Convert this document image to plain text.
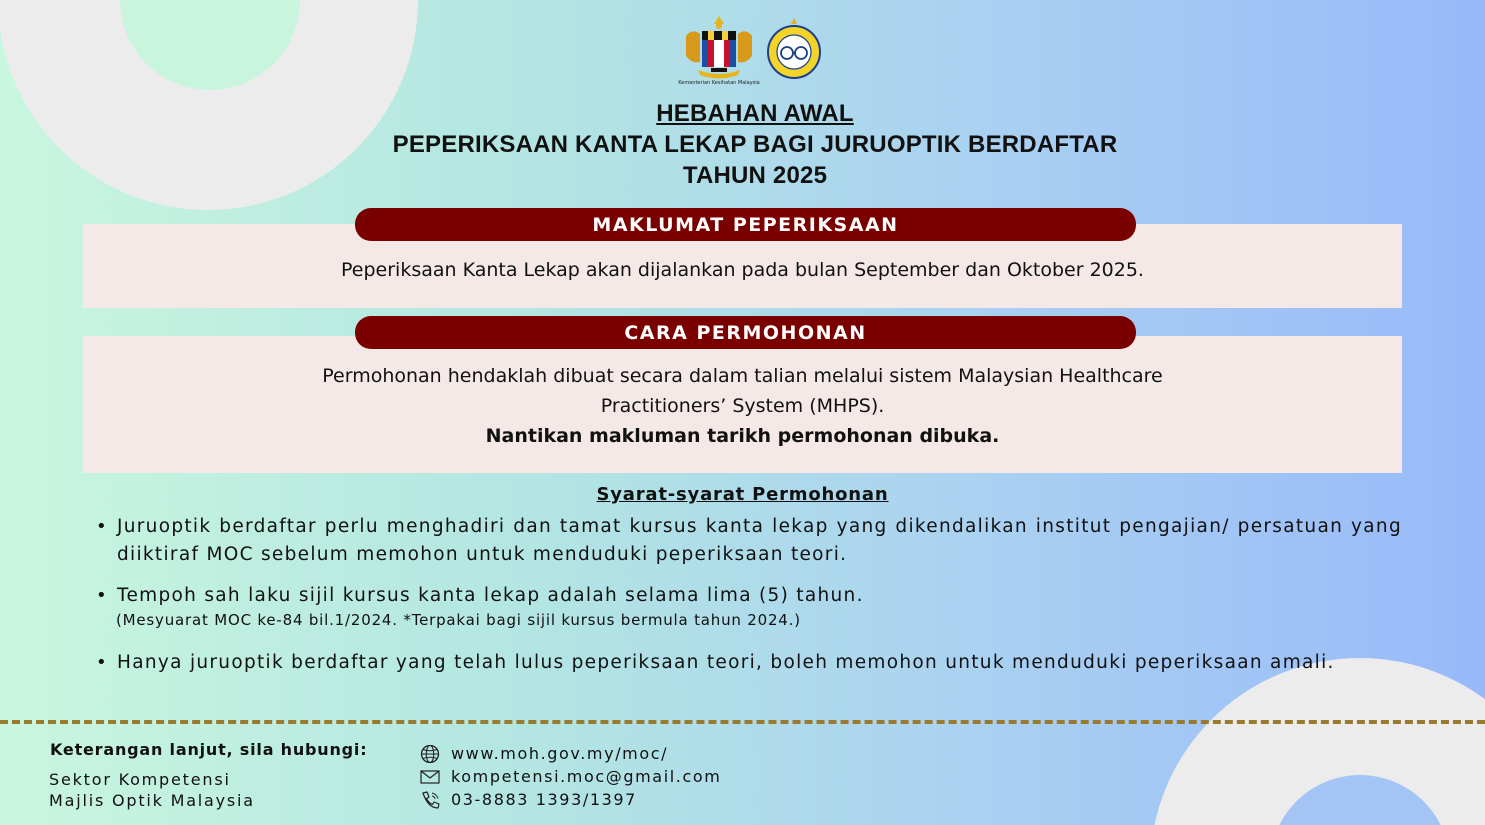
Kementerian Kesihatan Malaysia
HEBAHAN AWAL
PEPERIKSAAN KANTA LEKAP BAGI JURUOPTIK BERDAFTAR
TAHUN 2025
Peperiksaan Kanta Lekap akan dijalankan pada bulan September dan Oktober 2025.
MAKLUMAT PEPERIKSAAN
Permohonan hendaklah dibuat secara dalam talian melalui sistem Malaysian Healthcare
Practitioners’ System (MHPS).
Nantikan makluman tarikh permohonan dibuka.
CARA PERMOHONAN
Syarat-syarat Permohonan
• Juruoptik berdaftar perlu menghadiri dan tamat kursus kanta lekap yang dikendalikan institut pengajian/ persatuan yang diiktiraf MOC sebelum memohon untuk menduduki peperiksaan teori.
• Tempoh sah laku sijil kursus kanta lekap adalah selama lima (5) tahun.
(Mesyuarat MOC ke-84 bil.1/2024. *Terpakai bagi sijil kursus bermula tahun 2024.)
• Hanya juruoptik berdaftar yang telah lulus peperiksaan teori, boleh memohon untuk menduduki peperiksaan amali.
Keterangan lanjut, sila hubungi:
Sektor Kompetensi
Majlis Optik Malaysia
www.moh.gov.my/moc/
kompetensi.moc@gmail.com
03-8883 1393/1397
